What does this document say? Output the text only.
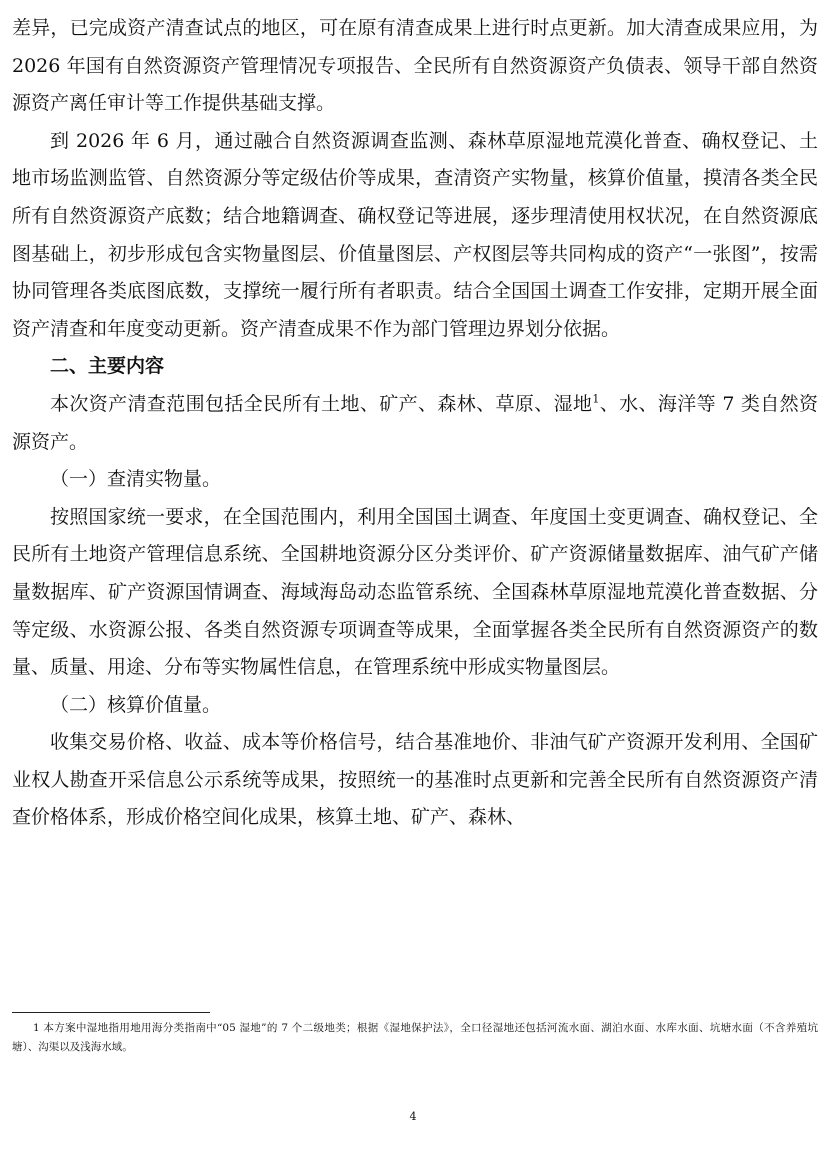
差异，已完成资产清查试点的地区，可在原有清查成果上进行时点更新。加大清查成果应用，为 2026 年国有自然资源资产管理情况专项报告、全民所有自然资源资产负债表、领导干部自然资源资产离任审计等工作提供基础支撑。

到 2026 年 6 月，通过融合自然资源调查监测、森林草原湿地荒漠化普查、确权登记、土地市场监测监管、自然资源分等定级估价等成果，查清资产实物量，核算价值量，摸清各类全民所有自然资源资产底数；结合地籍调查、确权登记等进展，逐步理清使用权状况，在自然资源底图基础上，初步形成包含实物量图层、价值量图层、产权图层等共同构成的资产“一张图”，按需协同管理各类底图底数，支撑统一履行所有者职责。结合全国国土调查工作安排，定期开展全面资产清查和年度变动更新。资产清查成果不作为部门管理边界划分依据。

二、主要内容

本次资产清查范围包括全民所有土地、矿产、森林、草原、湿地$^1$、水、海洋等 7 类自然资源资产。

（一）查清实物量。

按照国家统一要求，在全国范围内，利用全国国土调查、年度国土变更调查、确权登记、全民所有土地资产管理信息系统、全国耕地资源分区分类评价、矿产资源储量数据库、油气矿产储量数据库、矿产资源国情调查、海域海岛动态监管系统、全国森林草原湿地荒漠化普查数据、分等定级、水资源公报、各类自然资源专项调查等成果，全面掌握各类全民所有自然资源资产的数量、质量、用途、分布等实物属性信息，在管理系统中形成实物量图层。

（二）核算价值量。

收集交易价格、收益、成本等价格信号，结合基准地价、非油气矿产资源开发利用、全国矿业权人勘查开采信息公示系统等成果，按照统一的基准时点更新和完善全民所有自然资源资产清查价格体系，形成价格空间化成果，核算土地、矿产、森林、

1 本方案中湿地指用地用海分类指南中“05 湿地”的 7 个二级地类；根据《湿地保护法》，全口径湿地还包括河流水面、湖泊水面、水库水面、坑塘水面（不含养殖坑塘）、沟渠以及浅海水域。
4
